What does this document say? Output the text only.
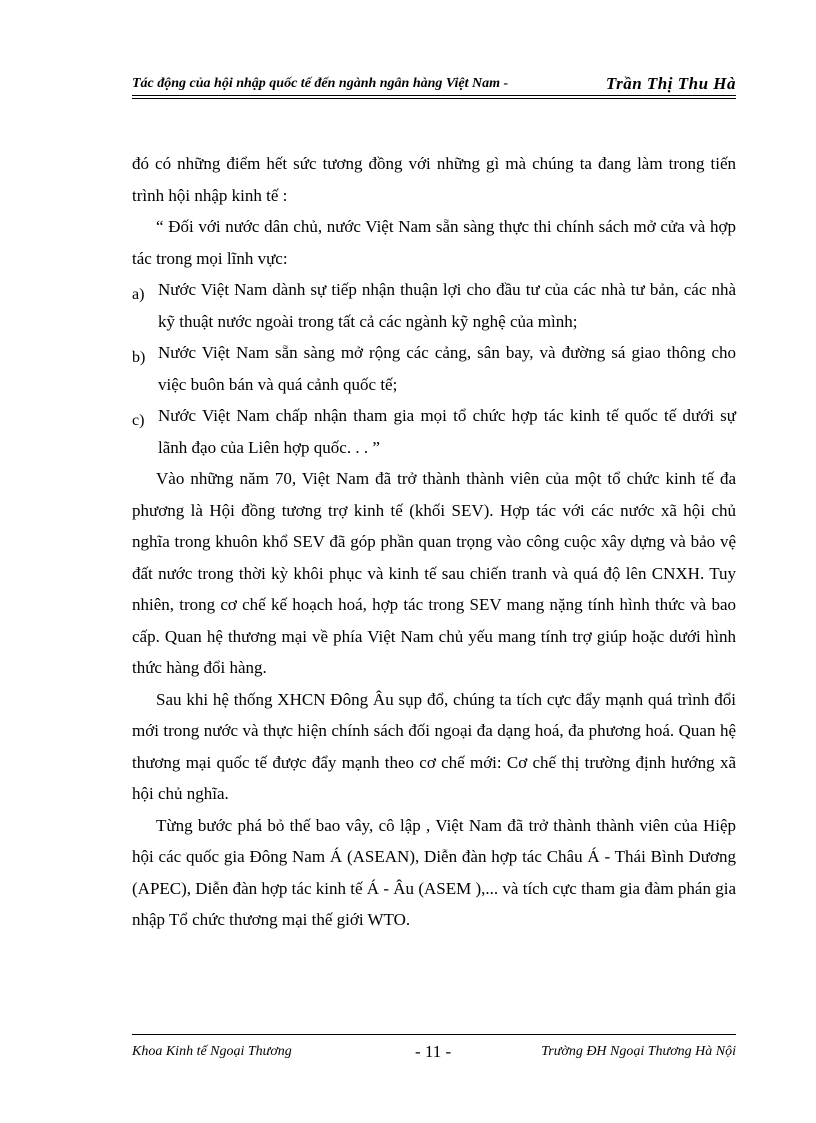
Tác động của hội nhập quốc tế đến ngành ngân hàng Việt Nam -	Trần Thị Thu Hà

đó có những điểm hết sức tương đồng với những gì mà chúng ta đang làm trong tiến trình hội nhập kinh tế :

“ Đối với nước dân chủ, nước Việt Nam sẵn sàng thực thi chính sách mở cửa và hợp tác trong mọi lĩnh vực:

a) Nước Việt Nam dành sự tiếp nhận thuận lợi cho đầu tư của các nhà tư bản, các nhà kỹ thuật nước ngoài trong tất cả các ngành kỹ nghệ của mình;

b) Nước Việt Nam sẵn sàng mở rộng các cảng, sân bay, và đường sá giao thông cho việc buôn bán và quá cảnh quốc tế;

c) Nước Việt Nam chấp nhận tham gia mọi tổ chức hợp tác kinh tế quốc tế dưới sự lãnh đạo của Liên hợp quốc. . . ”

Vào những năm 70, Việt Nam đã trở thành thành viên của một tổ chức kinh tế đa phương là Hội đồng tương trợ kinh tế (khối SEV). Hợp tác với các nước xã hội chủ nghĩa trong khuôn khổ SEV đã góp phần quan trọng vào công cuộc xây dựng và bảo vệ đất nước trong thời kỳ khôi phục và kinh tế sau chiến tranh và quá độ lên CNXH. Tuy nhiên, trong cơ chế kế hoạch hoá, hợp tác trong SEV mang nặng tính hình thức và bao cấp. Quan hệ thương mại về phía Việt Nam chủ yếu mang tính trợ giúp hoặc dưới hình thức hàng đổi hàng.

Sau khi hệ thống XHCN Đông Âu sụp đổ, chúng ta tích cực đẩy mạnh quá trình đổi mới trong nước và thực hiện chính sách đối ngoại đa dạng hoá, đa phương hoá. Quan hệ thương mại quốc tế được đẩy mạnh theo cơ chế mới: Cơ chế thị trường định hướng xã hội chủ nghĩa.

Từng bước phá bỏ thế bao vây, cô lập , Việt Nam đã trở thành thành viên của Hiệp hội các quốc gia Đông Nam Á (ASEAN), Diễn đàn hợp tác Châu Á - Thái Bình Dương (APEC), Diễn đàn hợp tác kinh tế Á - Âu (ASEM ),... và tích cực tham gia đàm phán gia nhập Tổ chức thương mại thế giới WTO.

Khoa Kinh tế Ngoại Thương	- 11 -	Trường ĐH Ngoại Thương Hà Nội
